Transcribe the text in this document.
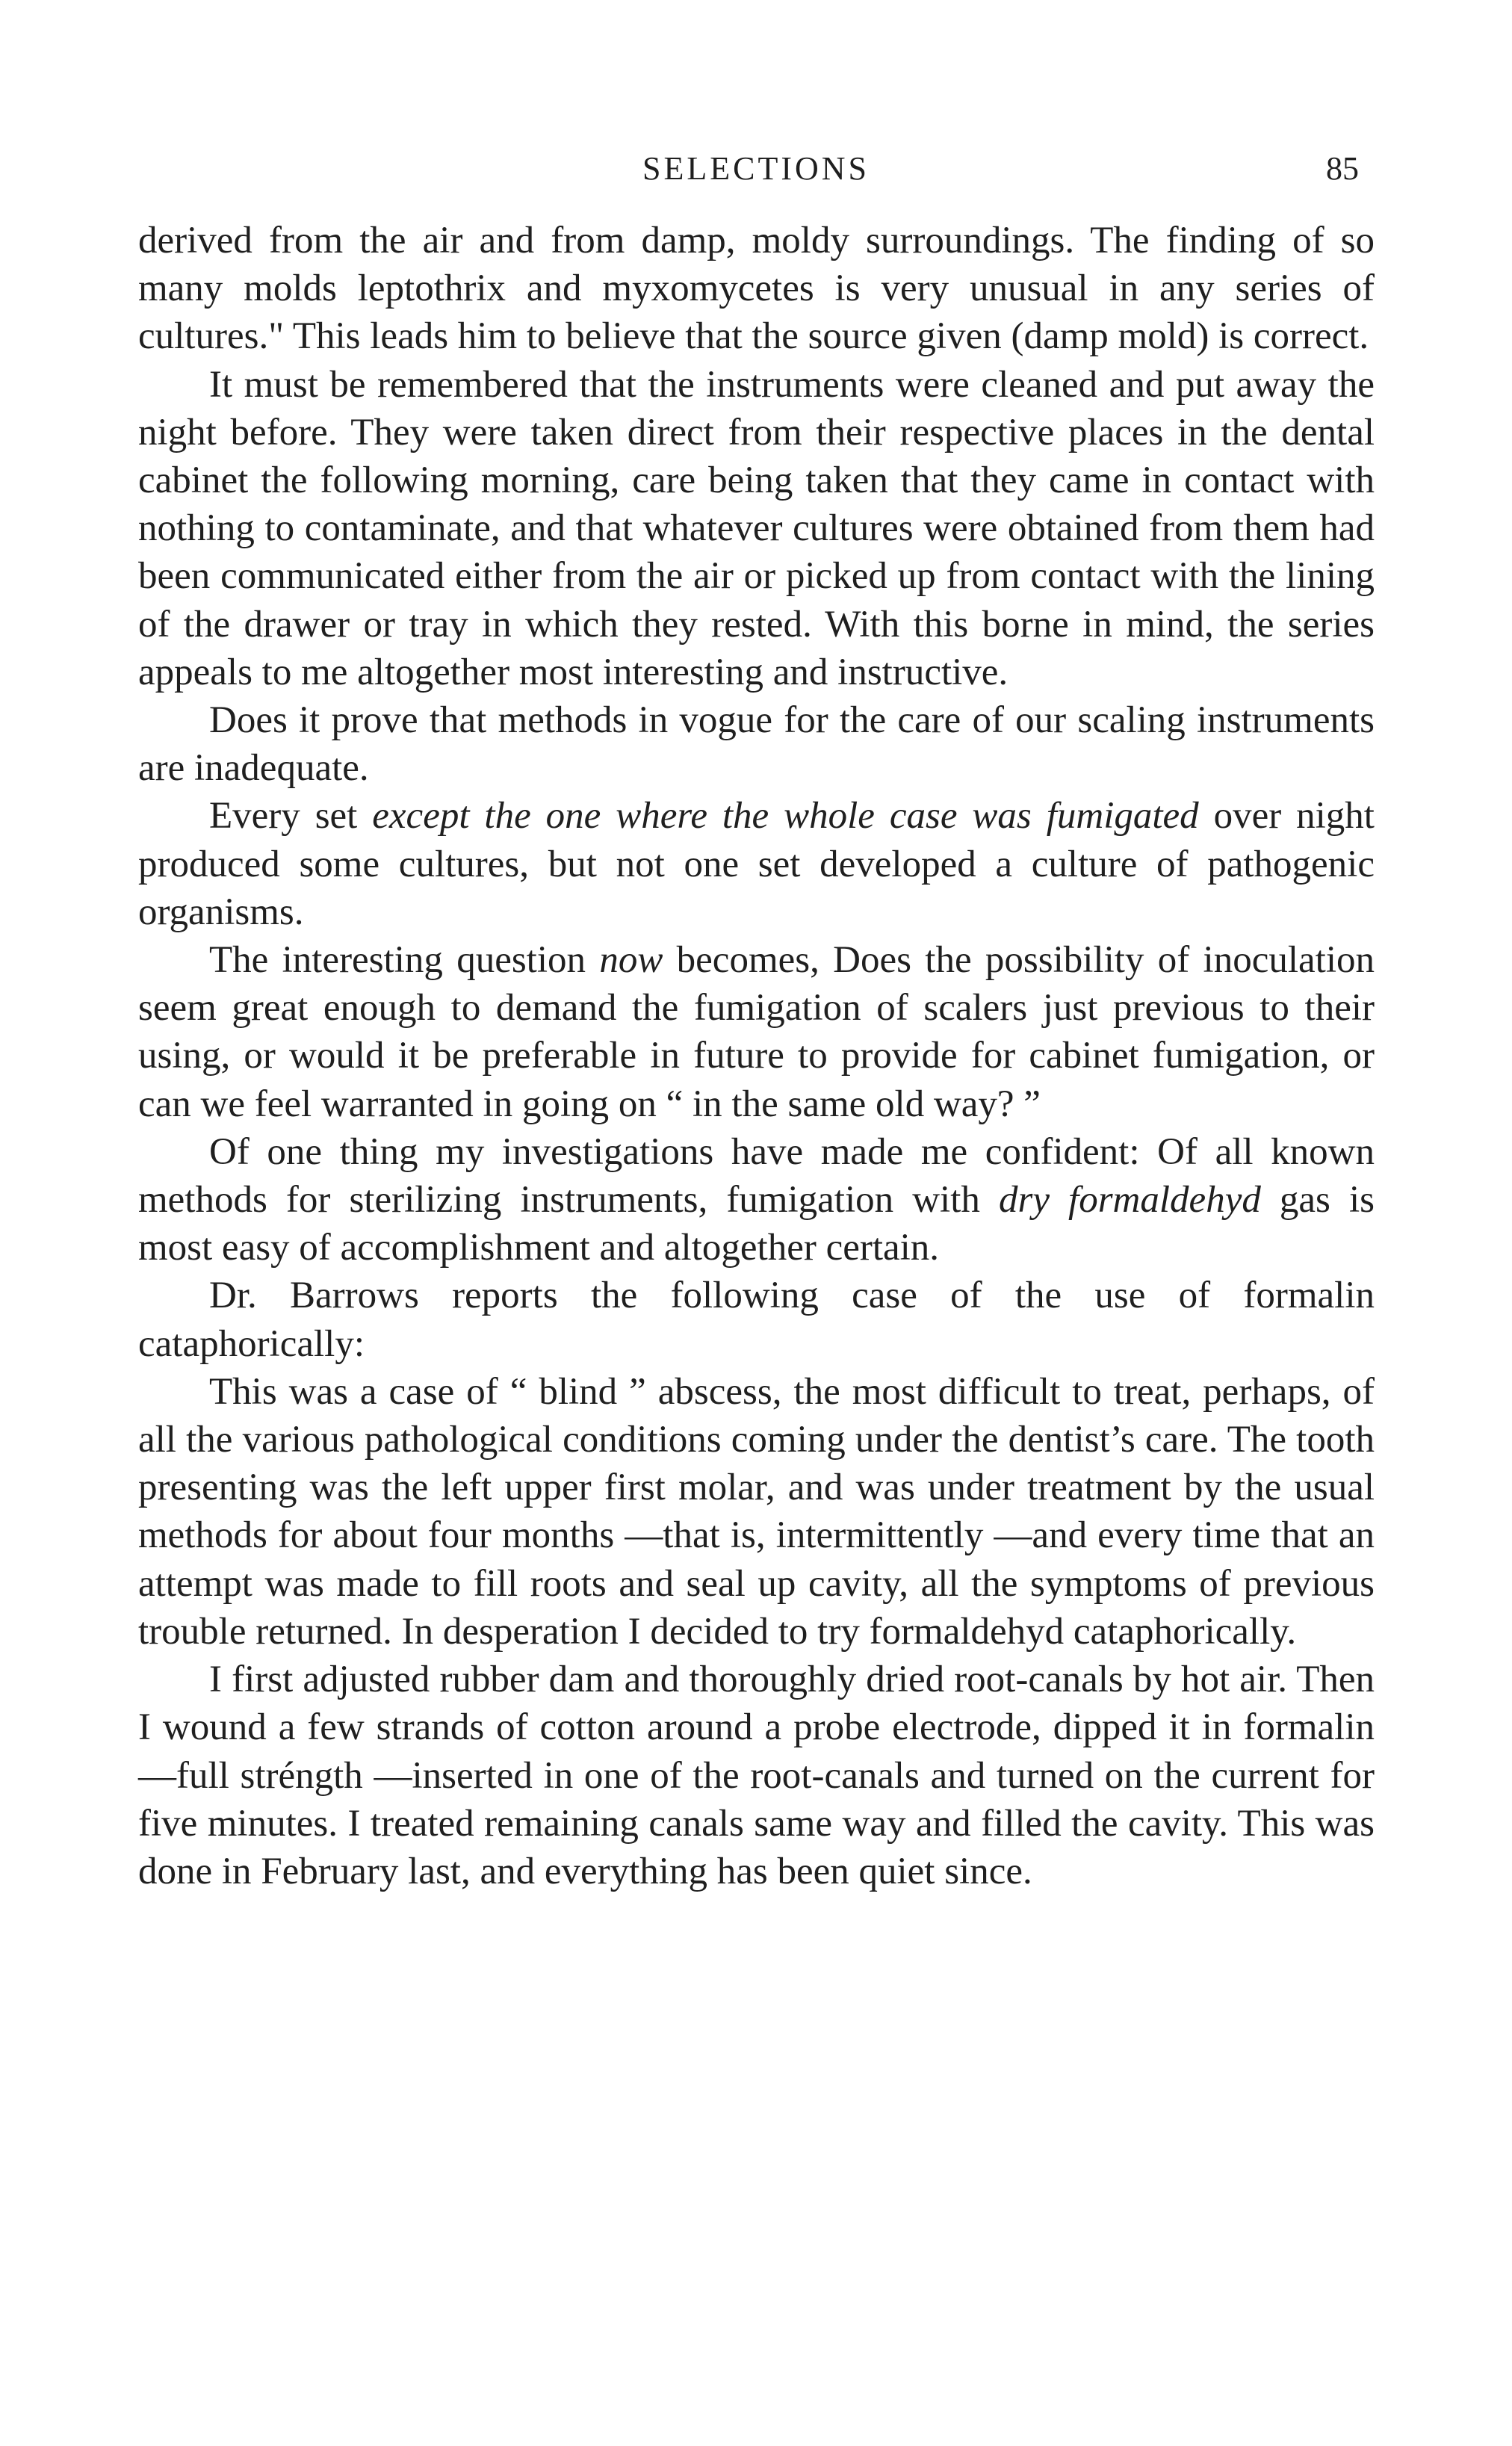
SELECTIONS	85

derived from the air and from damp, moldy surroundings. The finding of so many molds leptothrix and myxomycetes is very unusual in any series of cultures." This leads him to believe that the source given (damp mold) is correct.

It must be remembered that the instruments were cleaned and put away the night before. They were taken direct from their respective places in the dental cabinet the following morning, care being taken that they came in contact with nothing to contaminate, and that whatever cultures were obtained from them had been communicated either from the air or picked up from contact with the lining of the drawer or tray in which they rested. With this borne in mind, the series appeals to me altogether most interesting and instructive.

Does it prove that methods in vogue for the care of our scaling instruments are inadequate.

Every set except the one where the whole case was fumigated over night produced some cultures, but not one set developed a culture of pathogenic organisms.

The interesting question now becomes, Does the possibility of inoculation seem great enough to demand the fumigation of scalers just previous to their using, or would it be preferable in future to provide for cabinet fumigation, or can we feel warranted in going on “ in the same old way? ”

Of one thing my investigations have made me confident: Of all known methods for sterilizing instruments, fumigation with dry formaldehyd gas is most easy of accomplishment and altogether certain.

Dr. Barrows reports the following case of the use of formalin cataphorically:

This was a case of “ blind ” abscess, the most difficult to treat, perhaps, of all the various pathological conditions coming under the dentist’s care. The tooth presenting was the left upper first molar, and was under treatment by the usual methods for about four months —that is, intermittently —and every time that an attempt was made to fill roots and seal up cavity, all the symptoms of previous trouble returned. In desperation I decided to try formaldehyd cataphorically.

I first adjusted rubber dam and thoroughly dried root-canals by hot air. Then I wound a few strands of cotton around a probe electrode, dipped it in formalin —full stréngth —inserted in one of the root-canals and turned on the current for five minutes. I treated remaining canals same way and filled the cavity. This was done in February last, and everything has been quiet since.
